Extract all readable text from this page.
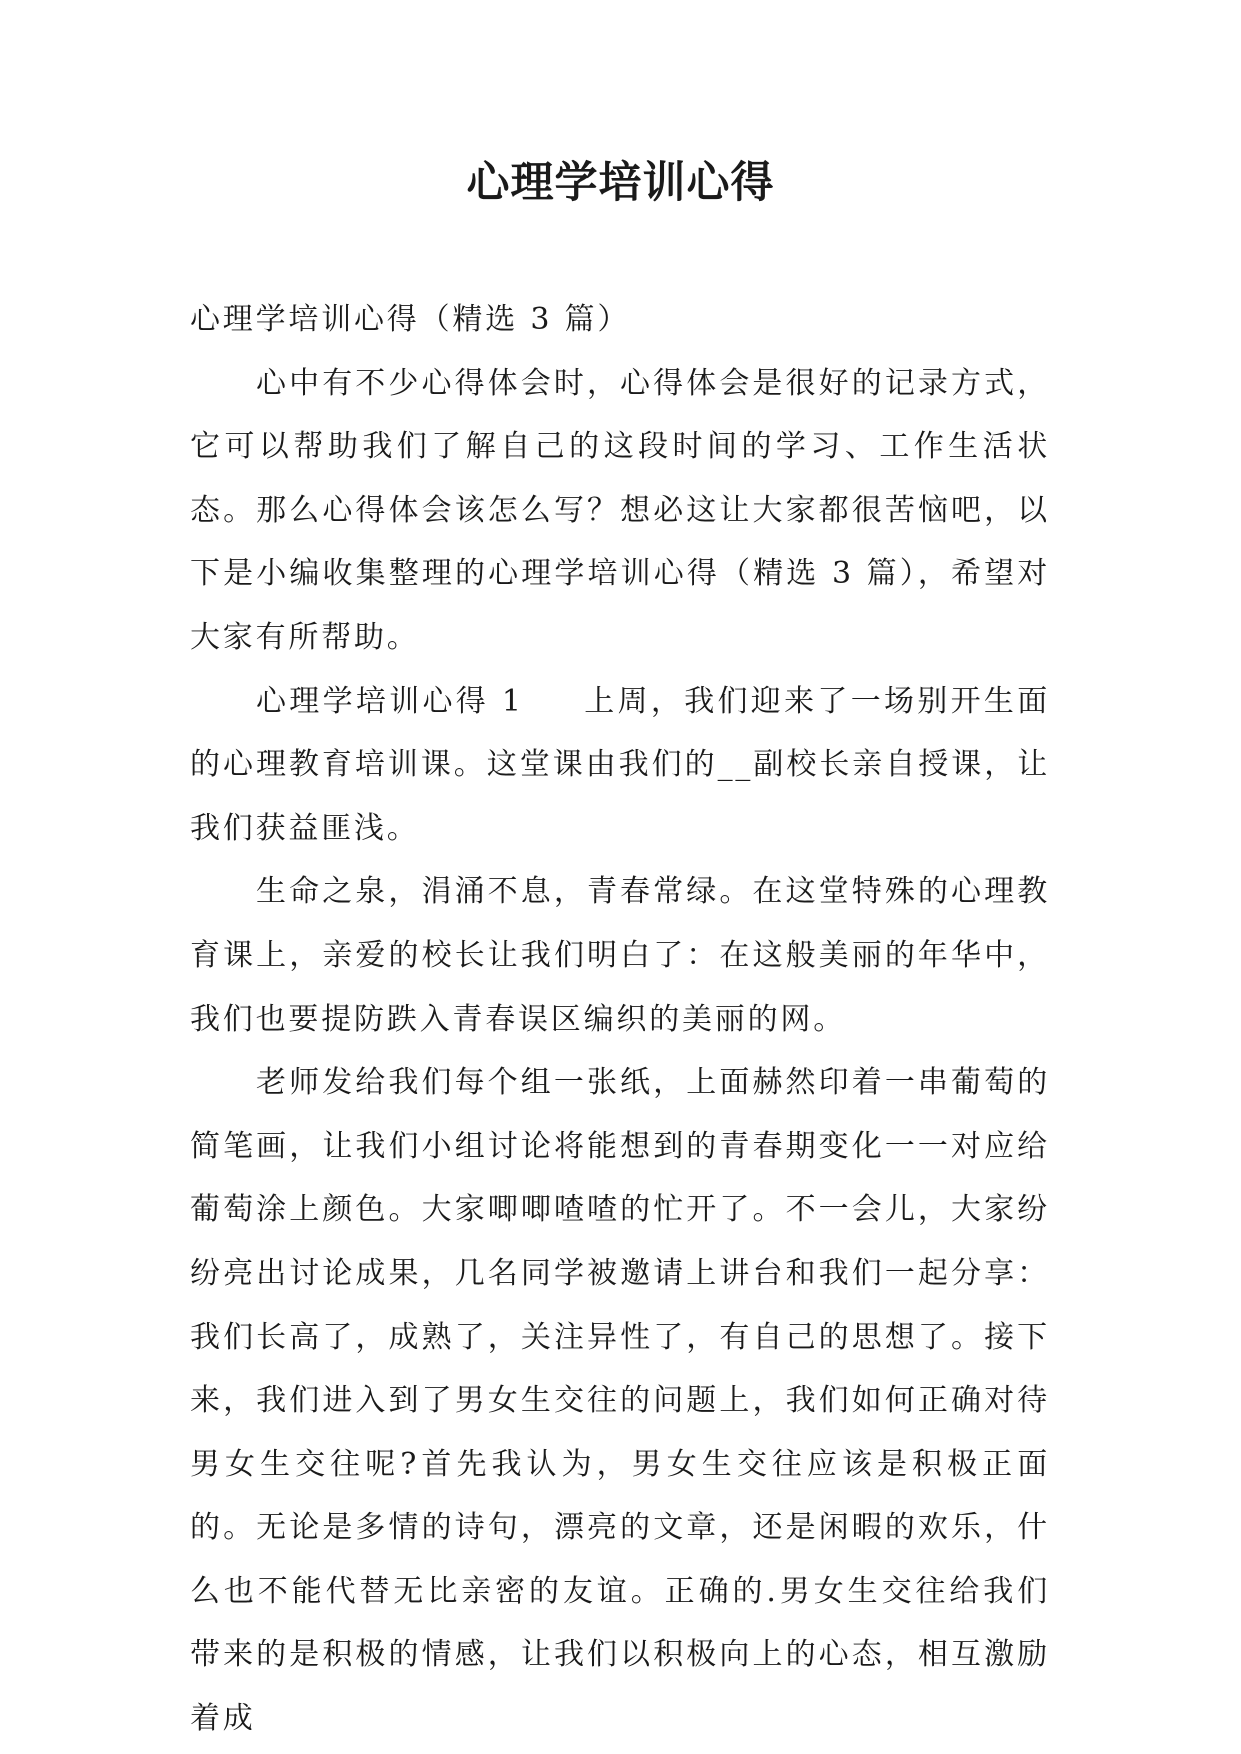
心理学培训心得

心理学培训心得（精选 3 篇）

心中有不少心得体会时，心得体会是很好的记录方式，它可以帮助我们了解自己的这段时间的学习、工作生活状态。那么心得体会该怎么写？想必这让大家都很苦恼吧，以下是小编收集整理的心理学培训心得（精选 3 篇），希望对大家有所帮助。

心理学培训心得 1 上周，我们迎来了一场别开生面的心理教育培训课。这堂课由我们的__副校长亲自授课，让我们获益匪浅。

生命之泉，涓涌不息，青春常绿。在这堂特殊的心理教育课上，亲爱的校长让我们明白了：在这般美丽的年华中，我们也要提防跌入青春误区编织的美丽的网。

老师发给我们每个组一张纸，上面赫然印着一串葡萄的简笔画，让我们小组讨论将能想到的青春期变化一一对应给葡萄涂上颜色。大家唧唧喳喳的忙开了。不一会儿，大家纷纷亮出讨论成果，几名同学被邀请上讲台和我们一起分享：我们长高了，成熟了，关注异性了，有自己的思想了。接下来，我们进入到了男女生交往的问题上，我们如何正确对待男女生交往呢?首先我认为，男女生交往应该是积极正面的。无论是多情的诗句，漂亮的文章，还是闲暇的欢乐，什么也不能代替无比亲密的友谊。正确的.男女生交往给我们带来的是积极的情感，让我们以积极向上的心态，相互激励着成
